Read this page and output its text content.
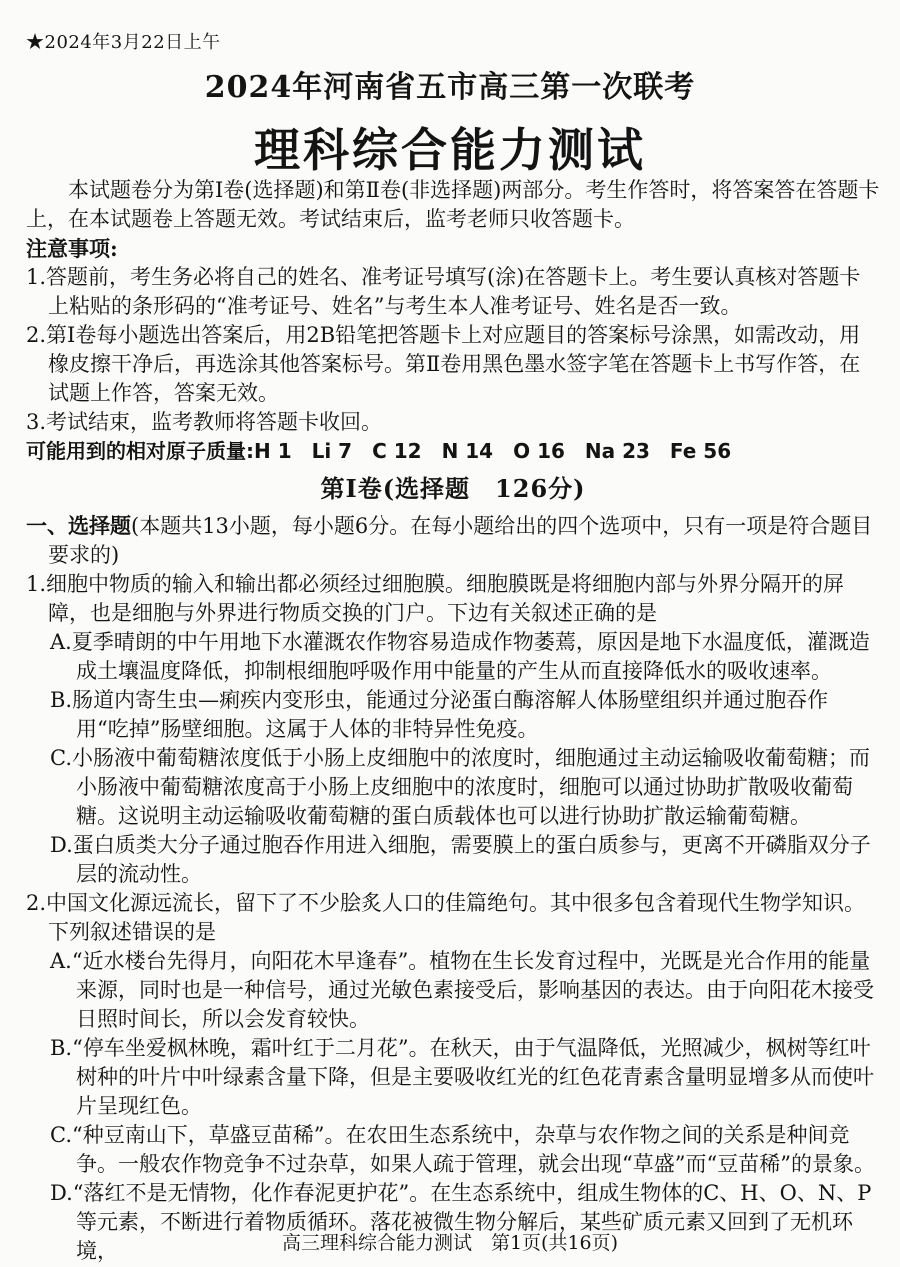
★2024年3月22日上午
2024年河南省五市高三第一次联考
理科综合能力测试

本试题卷分为第Ⅰ卷(选择题)和第Ⅱ卷(非选择题)两部分。考生作答时，将答案答在答题卡上，在本试题卷上答题无效。考试结束后，监考老师只收答题卡。

注意事项:

1.答题前，考生务必将自己的姓名、准考证号填写(涂)在答题卡上。考生要认真核对答题卡上粘贴的条形码的“准考证号、姓名”与考生本人准考证号、姓名是否一致。

2.第Ⅰ卷每小题选出答案后，用2B铅笔把答题卡上对应题目的答案标号涂黑，如需改动，用橡皮擦干净后，再选涂其他答案标号。第Ⅱ卷用黑色墨水签字笔在答题卡上书写作答，在试题上作答，答案无效。

3.考试结束，监考教师将答题卡收回。

可能用到的相对原子质量:H 1　Li 7　C 12　N 14　O 16　Na 23　Fe 56

第Ⅰ卷(选择题　126分)

一、选择题(本题共13小题，每小题6分。在每小题给出的四个选项中，只有一项是符合题目要求的)

1.细胞中物质的输入和输出都必须经过细胞膜。细胞膜既是将细胞内部与外界分隔开的屏障，也是细胞与外界进行物质交换的门户。下边有关叙述正确的是

A.夏季晴朗的中午用地下水灌溉农作物容易造成作物萎蔫，原因是地下水温度低，灌溉造成土壤温度降低，抑制根细胞呼吸作用中能量的产生从而直接降低水的吸收速率。

B.肠道内寄生虫—痢疾内变形虫，能通过分泌蛋白酶溶解人体肠壁组织并通过胞吞作用“吃掉”肠壁细胞。这属于人体的非特异性免疫。

C.小肠液中葡萄糖浓度低于小肠上皮细胞中的浓度时，细胞通过主动运输吸收葡萄糖；而小肠液中葡萄糖浓度高于小肠上皮细胞中的浓度时，细胞可以通过协助扩散吸收葡萄糖。这说明主动运输吸收葡萄糖的蛋白质载体也可以进行协助扩散运输葡萄糖。

D.蛋白质类大分子通过胞吞作用进入细胞，需要膜上的蛋白质参与，更离不开磷脂双分子层的流动性。

2.中国文化源远流长，留下了不少脍炙人口的佳篇绝句。其中很多包含着现代生物学知识。下列叙述错误的是

A.“近水楼台先得月，向阳花木早逢春”。植物在生长发育过程中，光既是光合作用的能量来源，同时也是一种信号，通过光敏色素接受后，影响基因的表达。由于向阳花木接受日照时间长，所以会发育较快。

B.“停车坐爱枫林晚，霜叶红于二月花”。在秋天，由于气温降低，光照减少，枫树等红叶树种的叶片中叶绿素含量下降，但是主要吸收红光的红色花青素含量明显增多从而使叶片呈现红色。

C.“种豆南山下，草盛豆苗稀”。在农田生态系统中，杂草与农作物之间的关系是种间竞争。一般农作物竞争不过杂草，如果人疏于管理，就会出现“草盛”而“豆苗稀”的景象。

D.“落红不是无情物，化作春泥更护花”。在生态系统中，组成生物体的C、H、O、N、P等元素，不断进行着物质循环。落花被微生物分解后，某些矿质元素又回到了无机环境，	高三理科综合能力测试　第1页(共16页)
